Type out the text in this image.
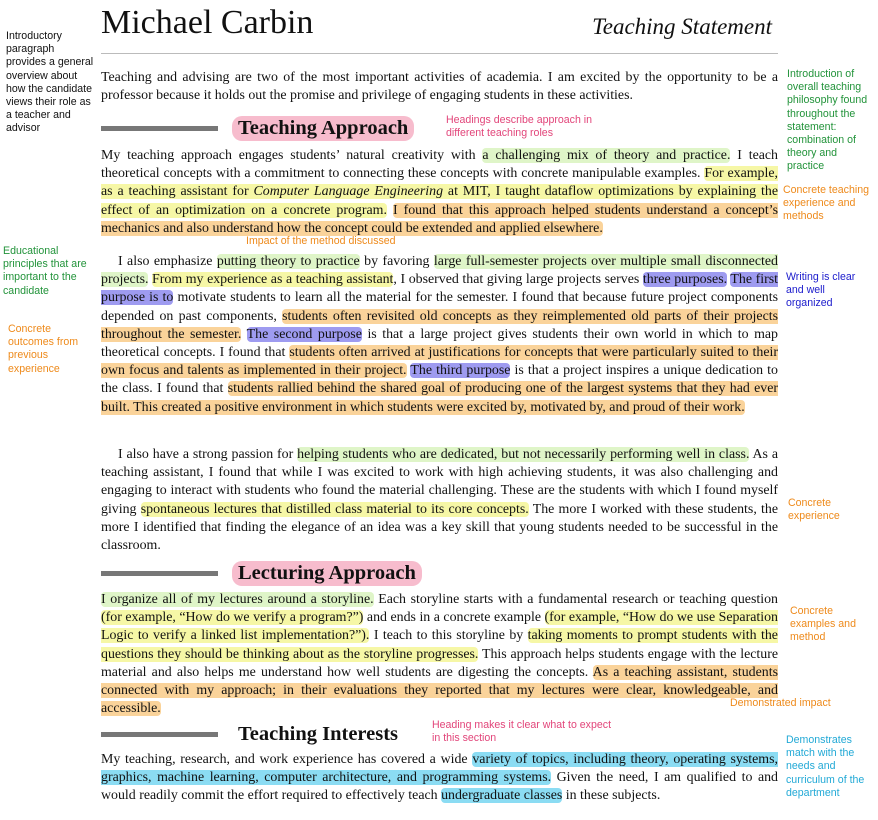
Michael Carbin	Teaching Statement

Teaching and advising are two of the most important activities of academia. I am excited by the opportunity to be a professor because it holds out the promise and privilege of engaging students in these activities.

Teaching Approach

My teaching approach engages students’ natural creativity with a challenging mix of theory and practice. I teach theoretical concepts with a commitment to connecting these concepts with concrete manipulable examples. For example, as a teaching assistant for Computer Language Engineering at MIT, I taught dataflow optimizations by explaining the effect of an optimization on a concrete program. I found that this approach helped students understand a concept’s mechanics and also understand how the concept could be extended and applied elsewhere.

I also emphasize putting theory to practice by favoring large full-semester projects over multiple small disconnected projects. From my experience as a teaching assistant, I observed that giving large projects serves three purposes. The first purpose is to motivate students to learn all the material for the semester. I found that because future project components depended on past components, students often revisited old concepts as they reimplemented old parts of their projects throughout the semester. The second purpose is that a large project gives students their own world in which to map theoretical concepts. I found that students often arrived at justifications for concepts that were particularly suited to their own focus and talents as implemented in their project. The third purpose is that a project inspires a unique dedication to the class. I found that students rallied behind the shared goal of producing one of the largest systems that they had ever built. This created a positive environment in which students were excited by, motivated by, and proud of their work.

I also have a strong passion for helping students who are dedicated, but not necessarily performing well in class. As a teaching assistant, I found that while I was excited to work with high achieving students, it was also challenging and engaging to interact with students who found the material challenging. These are the students with which I found myself giving spontaneous lectures that distilled class material to its core concepts. The more I worked with these students, the more I identified that finding the elegance of an idea was a key skill that young students needed to be successful in the classroom.

Lecturing Approach

I organize all of my lectures around a storyline. Each storyline starts with a fundamental research or teaching question (for example, “How do we verify a program?”) and ends in a concrete example (for example, “How do we use Separation Logic to verify a linked list implementation?”). I teach to this storyline by taking moments to prompt students with the questions they should be thinking about as the storyline progresses. This approach helps students engage with the lecture material and also helps me understand how well students are digesting the concepts. As a teaching assistant, students connected with my approach; in their evaluations they reported that my lectures were clear, knowledgeable, and accessible.

Teaching Interests

My teaching, research, and work experience has covered a wide variety of topics, including theory, operating systems, graphics, machine learning, computer architecture, and programming systems. Given the need, I am qualified to and would readily commit the effort required to effectively teach undergraduate classes in these subjects.

Introductory paragraph provides a general overview about how the candidate views their role as a teacher and advisor
Educational principles that are important to the candidate
Concrete outcomes from previous experience
Introduction of overall teaching philosophy found throughout the statement: combination of theory and practice
Concrete teaching experience and methods
Writing is clear and well organized
Concrete experience
Concrete examples and method
Demonstrated impact
Demonstrates match with the needs and curriculum of the department
Headings describe approach in different teaching roles
Impact of the method discussed
Heading makes it clear what to expect in this section
